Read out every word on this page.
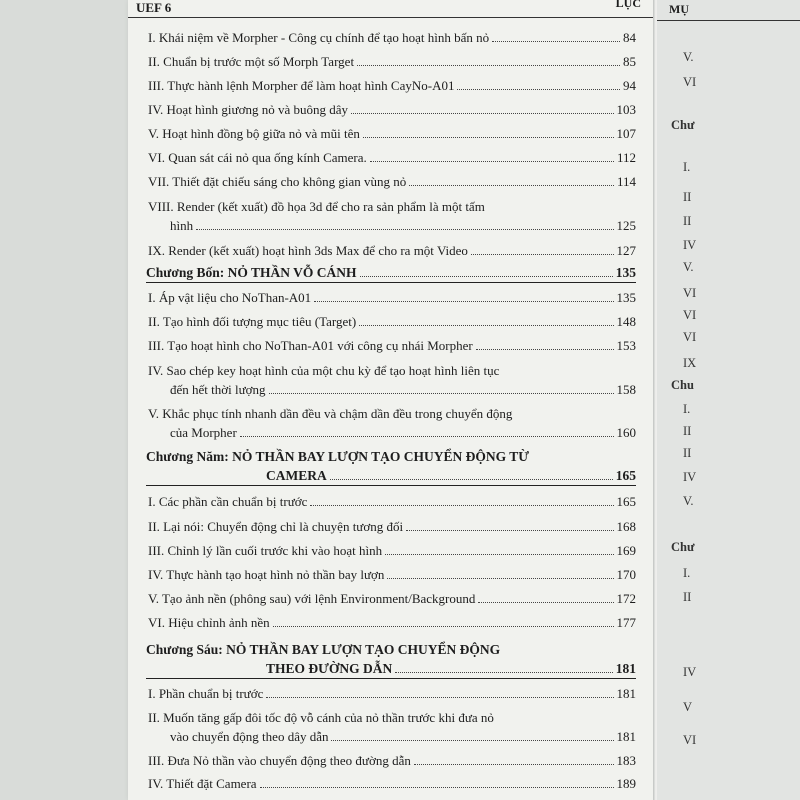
UEF 6	LỤC
I. Khái niệm về Morpher - Công cụ chính để tạo hoạt hình bấn nỏ	84
II. Chuẩn bị trước một số Morph Target	85
III. Thực hành lệnh Morpher để làm hoạt hình CayNo-A01	94
IV. Hoạt hình giương nỏ và buông dây	103
V. Hoạt hình đồng bộ giữa nỏ và mũi tên	107
VI. Quan sát cái nỏ qua ống kính Camera.	112
VII. Thiết đặt chiếu sáng cho không gian vùng nỏ	114
VIII. Render (kết xuất) đồ họa 3d để cho ra sản phẩm là một tấm
hình	125
IX. Render (kết xuất) hoạt hình 3ds Max để cho ra một Video	127
Chương Bốn: NỎ THẦN VỖ CÁNH	135
I. Áp vật liệu cho NoThan-A01	135
II. Tạo hình đối tượng mục tiêu (Target)	148
III. Tạo hoạt hình cho NoThan-A01 với công cụ nhái Morpher	153
IV. Sao chép key hoạt hình của một chu kỳ để tạo hoạt hình liên tục
đến hết thời lượng	158
V. Khắc phục tính nhanh dần đều và chậm dần đều trong chuyển động
của Morpher	160
Chương Năm: NỎ THẦN BAY LƯỢN TẠO CHUYỂN ĐỘNG TỪ
CAMERA	165
I. Các phần cần chuẩn bị trước	165
II. Lại nói: Chuyển động chỉ là chuyện tương đối	168
III. Chỉnh lý lần cuối trước khi vào hoạt hình	169
IV. Thực hành tạo hoạt hình nỏ thần bay lượn	170
V. Tạo ảnh nền (phông sau) với lệnh Environment/Background	172
VI. Hiệu chỉnh ảnh nền	177
Chương Sáu: NỎ THẦN BAY LƯỢN TẠO CHUYỂN ĐỘNG
THEO ĐƯỜNG DẪN	181
I. Phần chuẩn bị trước	181
II. Muốn tăng gấp đôi tốc độ vỗ cánh của nỏ thần trước khi đưa nỏ
vào chuyển động theo dây dẫn	181
III. Đưa Nỏ thần vào chuyển động theo đường dẫn	183
IV. Thiết đặt Camera	189
MỤ
V.
VI
Chư
I.
II
II
IV
V.
VI
VI
VI
IX
Chu
I.
II
II
IV
V.
Chư
I.
II
IV
V
VI
